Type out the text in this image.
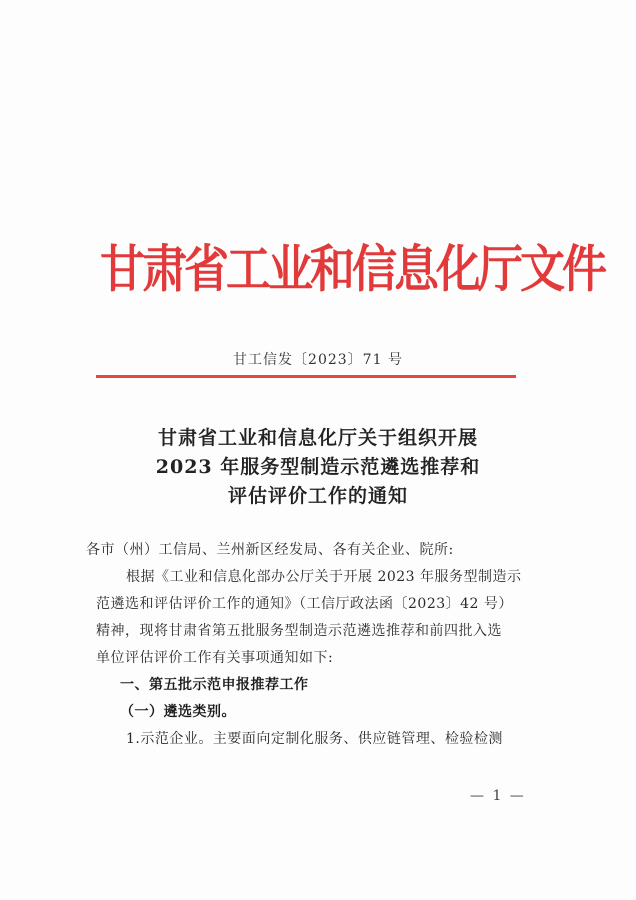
甘肃省工业和信息化厅文件
甘工信发〔2023〕71 号
甘肃省工业和信息化厅关于组织开展
2023 年服务型制造示范遴选推荐和
评估评价工作的通知
各市（州）工信局、兰州新区经发局、各有关企业、院所:
根据《工业和信息化部办公厅关于开展 2023 年服务型制造示
范遴选和评估评价工作的通知》（工信厅政法函〔2023〕42 号）
精神，现将甘肃省第五批服务型制造示范遴选推荐和前四批入选
单位评估评价工作有关事项通知如下:
一、第五批示范申报推荐工作
（一）遴选类别。
1.示范企业。主要面向定制化服务、供应链管理、检验检测
— 1 —
